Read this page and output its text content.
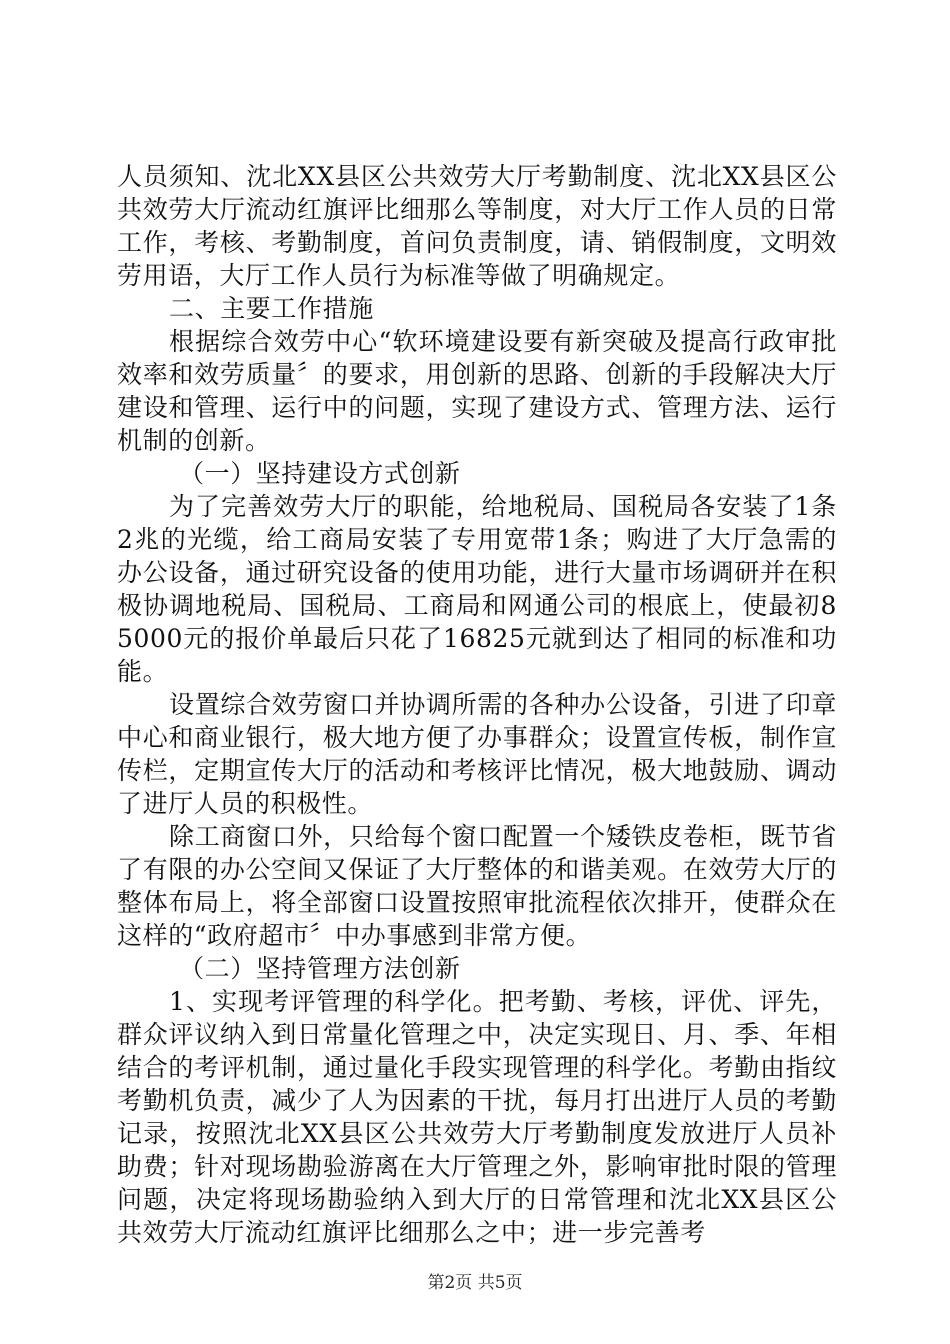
人员须知、沈北XX县区公共效劳大厅考勤制度、沈北XX县区公共效劳大厅流动红旗评比细那么等制度，对大厅工作人员的日常工作，考核、考勤制度，首问负责制度，请、销假制度，文明效劳用语，大厅工作人员行为标准等做了明确规定。

二、主要工作措施

根据综合效劳中心“软环境建设要有新突破及提高行政审批效率和效劳质量〞的要求，用创新的思路、创新的手段解决大厅建设和管理、运行中的问题，实现了建设方式、管理方法、运行机制的创新。

（一）坚持建设方式创新

为了完善效劳大厅的职能，给地税局、国税局各安装了1条2兆的光缆，给工商局安装了专用宽带1条；购进了大厅急需的办公设备，通过研究设备的使用功能，进行大量市场调研并在积极协调地税局、国税局、工商局和网通公司的根底上，使最初85000元的报价单最后只花了16825元就到达了相同的标准和功能。

设置综合效劳窗口并协调所需的各种办公设备，引进了印章中心和商业银行，极大地方便了办事群众；设置宣传板，制作宣传栏，定期宣传大厅的活动和考核评比情况，极大地鼓励、调动了进厅人员的积极性。

除工商窗口外，只给每个窗口配置一个矮铁皮卷柜，既节省了有限的办公空间又保证了大厅整体的和谐美观。在效劳大厅的整体布局上，将全部窗口设置按照审批流程依次排开，使群众在这样的“政府超市〞中办事感到非常方便。

（二）坚持管理方法创新

1、实现考评管理的科学化。把考勤、考核，评优、评先，群众评议纳入到日常量化管理之中，决定实现日、月、季、年相结合的考评机制，通过量化手段实现管理的科学化。考勤由指纹考勤机负责，减少了人为因素的干扰，每月打出进厅人员的考勤记录，按照沈北XX县区公共效劳大厅考勤制度发放进厅人员补助费；针对现场勘验游离在大厅管理之外，影响审批时限的管理问题，决定将现场勘验纳入到大厅的日常管理和沈北XX县区公共效劳大厅流动红旗评比细那么之中；进一步完善考

第2页 共5页
